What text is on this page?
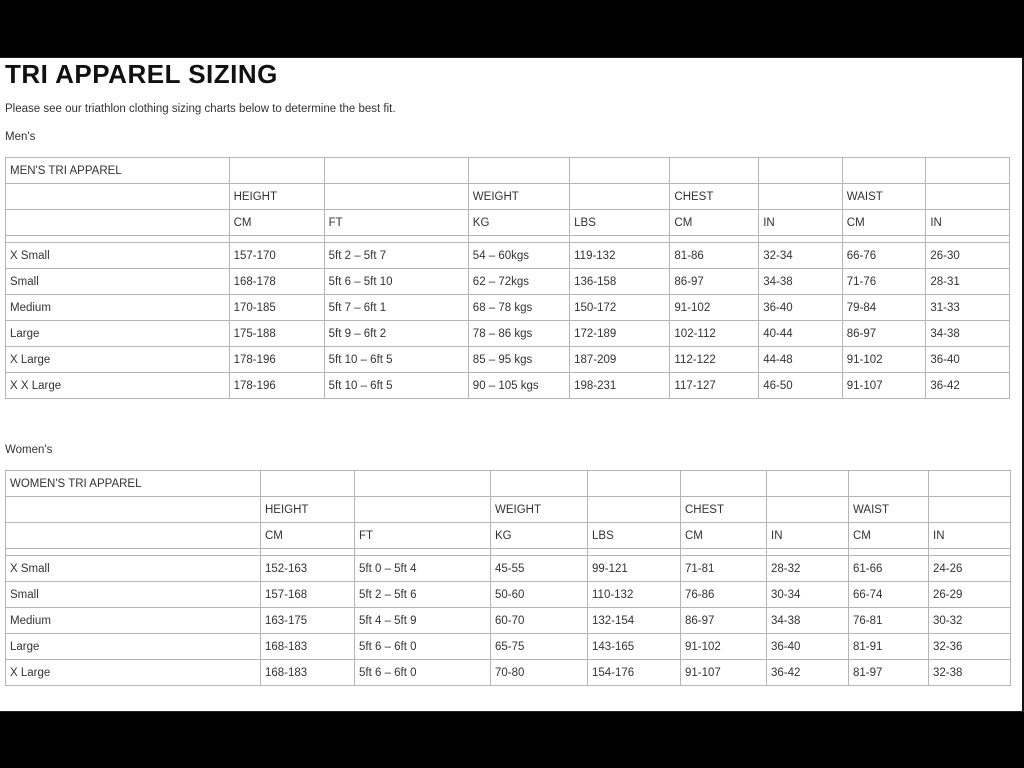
TRI APPAREL SIZING
Please see our triathlon clothing sizing charts below to determine the best fit.
Men's
MEN'S TRI APPAREL								
	HEIGHT		WEIGHT		CHEST		WAIST	
	CM	FT	KG	LBS	CM	IN	CM	IN

X Small	157-170	5ft 2 – 5ft 7	54 – 60kgs	119-132	81-86	32-34	66-76	26-30
Small	168-178	5ft 6 – 5ft 10	62 – 72kgs	136-158	86-97	34-38	71-76	28-31
Medium	170-185	5ft 7 – 6ft 1	68 – 78 kgs	150-172	91-102	36-40	79-84	31-33
Large	175-188	5ft 9 – 6ft 2	78 – 86 kgs	172-189	102-112	40-44	86-97	34-38
X Large	178-196	5ft 10 – 6ft 5	85 – 95 kgs	187-209	112-122	44-48	91-102	36-40
X X Large	178-196	5ft 10 – 6ft 5	90 – 105 kgs	198-231	117-127	46-50	91-107	36-42
Women's
WOMEN'S TRI APPAREL								
	HEIGHT		WEIGHT		CHEST		WAIST	
	CM	FT	KG	LBS	CM	IN	CM	IN

X Small	152-163	5ft 0 – 5ft 4	45-55	99-121	71-81	28-32	61-66	24-26
Small	157-168	5ft 2 – 5ft 6	50-60	110-132	76-86	30-34	66-74	26-29
Medium	163-175	5ft 4 – 5ft 9	60-70	132-154	86-97	34-38	76-81	30-32
Large	168-183	5ft 6 – 6ft 0	65-75	143-165	91-102	36-40	81-91	32-36
X Large	168-183	5ft 6 – 6ft 0	70-80	154-176	91-107	36-42	81-97	32-38
